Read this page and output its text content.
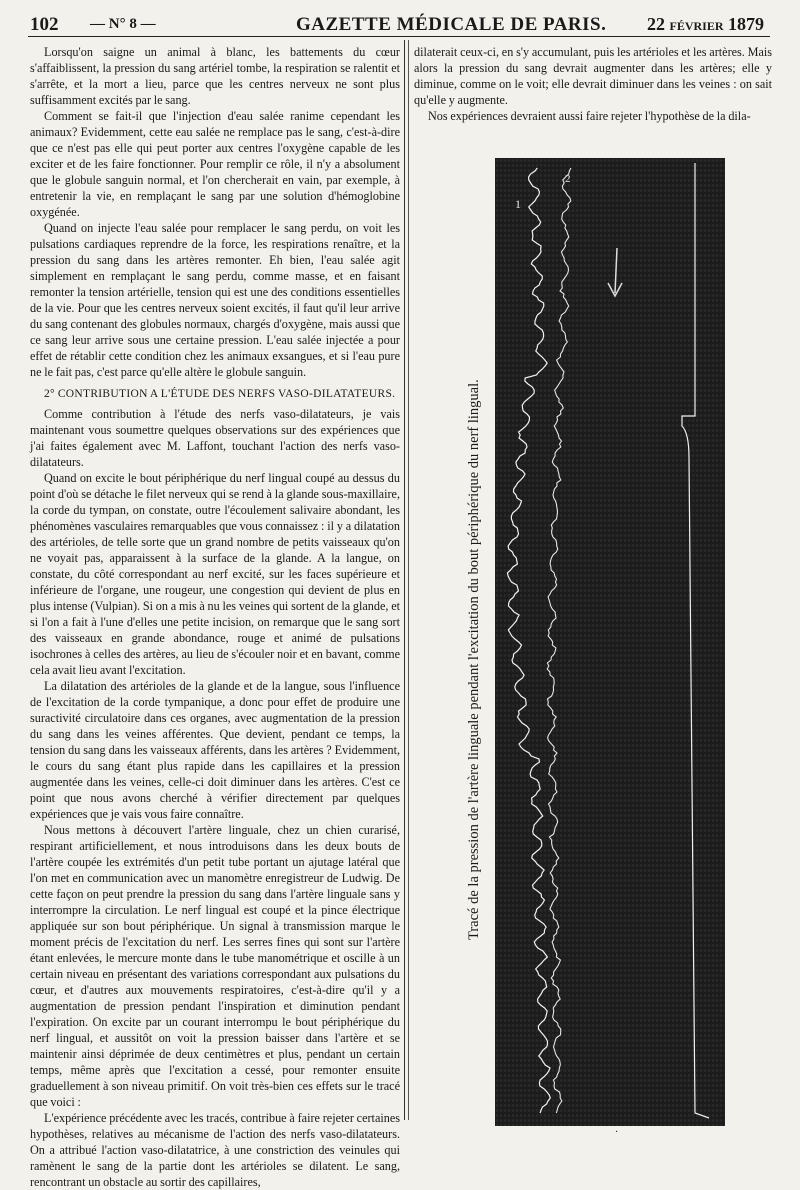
102 — N° 8 —	GAZETTE MÉDICALE DE PARIS. 22 FÉVRIER 1879

Lorsqu'on saigne un animal à blanc, les battements du cœur s'affaiblissent, la pression du sang artériel tombe, la respiration se ralentit et s'arrête, et la mort a lieu, parce que les centres nerveux ne sont plus suffisamment excités par le sang.

Comment se fait-il que l'injection d'eau salée ranime cependant les animaux? Evidemment, cette eau salée ne remplace pas le sang, c'est-à-dire que ce n'est pas elle qui peut porter aux centres l'oxygène capable de les exciter et de les faire fonctionner. Pour remplir ce rôle, il n'y a absolument que le globule sanguin normal, et l'on chercherait en vain, par exemple, à entretenir la vie, en remplaçant le sang par une solution d'hémoglobine oxygénée.

Quand on injecte l'eau salée pour remplacer le sang perdu, on voit les pulsations cardiaques reprendre de la force, les respirations renaître, et la pression du sang dans les artères remonter. Eh bien, l'eau salée agit simplement en remplaçant le sang perdu, comme masse, et en faisant remonter la tension artérielle, tension qui est une des conditions essentielles de la vie. Pour que les centres nerveux soient excités, il faut qu'il leur arrive du sang contenant des globules normaux, chargés d'oxygène, mais aussi que ce sang leur arrive sous une certaine pression. L'eau salée injectée a pour effet de rétablir cette condition chez les animaux exsangues, et si l'eau pure ne le fait pas, c'est parce qu'elle altère le globule sanguin.

2° CONTRIBUTION A L'ÉTUDE DES NERFS VASO-DILATATEURS.

Comme contribution à l'étude des nerfs vaso-dilatateurs, je vais maintenant vous soumettre quelques observations sur des expériences que j'ai faites également avec M. Laffont, touchant l'action des nerfs vaso-dilatateurs.

Quand on excite le bout périphérique du nerf lingual coupé au dessus du point d'où se détache le filet nerveux qui se rend à la glande sous-maxillaire, la corde du tympan, on constate, outre l'écoulement salivaire abondant, les phénomènes vasculaires remarquables que vous connaissez : il y a dilatation des artérioles, de telle sorte que un grand nombre de petits vaisseaux qu'on ne voyait pas, apparaissent à la surface de la glande. A la langue, on constate, du côté correspondant au nerf excité, sur les faces supérieure et inférieure de l'organe, une rougeur, une congestion qui devient de plus en plus intense (Vulpian). Si on a mis à nu les veines qui sortent de la glande, et si l'on a fait à l'une d'elles une petite incision, on remarque que le sang sort des vaisseaux en grande abondance, rouge et animé de pulsations isochrones à celles des artères, au lieu de s'écouler noir et en bavant, comme cela avait lieu avant l'excitation.

La dilatation des artérioles de la glande et de la langue, sous l'influence de l'excitation de la corde tympanique, a donc pour effet de produire une suractivité circulatoire dans ces organes, avec augmentation de la pression du sang dans les veines afférentes. Que devient, pendant ce temps, la tension du sang dans les vaisseaux afférents, dans les artères ? Evidemment, le cours du sang étant plus rapide dans les capillaires et la pression augmentée dans les veines, celle-ci doit diminuer dans les artères. C'est ce point que nous avons cherché à vérifier directement par quelques expériences que je vais vous faire connaître.

Nous mettons à découvert l'artère linguale, chez un chien curarisé, respirant artificiellement, et nous introduisons dans les deux bouts de l'artère coupée les extrémités d'un petit tube portant un ajutage latéral que l'on met en communication avec un manomètre enregistreur de Ludwig. De cette façon on peut prendre la pression du sang dans l'artère linguale sans y interrompre la circulation. Le nerf lingual est coupé et la pince électrique appliquée sur son bout périphérique. Un signal à transmission marque le moment précis de l'excitation du nerf. Les serres fines qui sont sur l'artère étant enlevées, le mercure monte dans le tube manométrique et oscille à un certain niveau en présentant des variations correspondant aux pulsations du cœur, et d'autres aux mouvements respiratoires, c'est-à-dire qu'il y a augmentation de pression pendant l'inspiration et diminution pendant l'expiration. On excite par un courant interrompu le bout périphérique du nerf lingual, et aussitôt on voit la pression baisser dans l'artère et se maintenir ainsi déprimée de deux centimètres et plus, pendant un certain temps, même après que l'excitation a cessé, pour remonter ensuite graduellement à son niveau primitif. On voit très-bien ces effets sur le tracé que voici :

L'expérience précédente avec les tracés, contribue à faire rejeter certaines hypothèses, relatives au mécanisme de l'action des nerfs vaso-dilatateurs. On a attribué l'action vaso-dilatatrice, à une constriction des veinules qui ramènent le sang de la partie dont les artérioles se dilatent. Le sang, rencontrant un obstacle au sortir des capillaires,

dilaterait ceux-ci, en s'y accumulant, puis les artérioles et les artères. Mais alors la pression du sang devrait augmenter dans les artères; elle y diminue, comme on le voit; elle devrait diminuer dans les veines : on sait qu'elle y augmente.

Nos expériences devraient aussi faire rejeter l'hypothèse de la dila-

Tracé de la pression de l'artère linguale pendant l'excitation du bout périphérique du nerf lingual.
1
2
·
